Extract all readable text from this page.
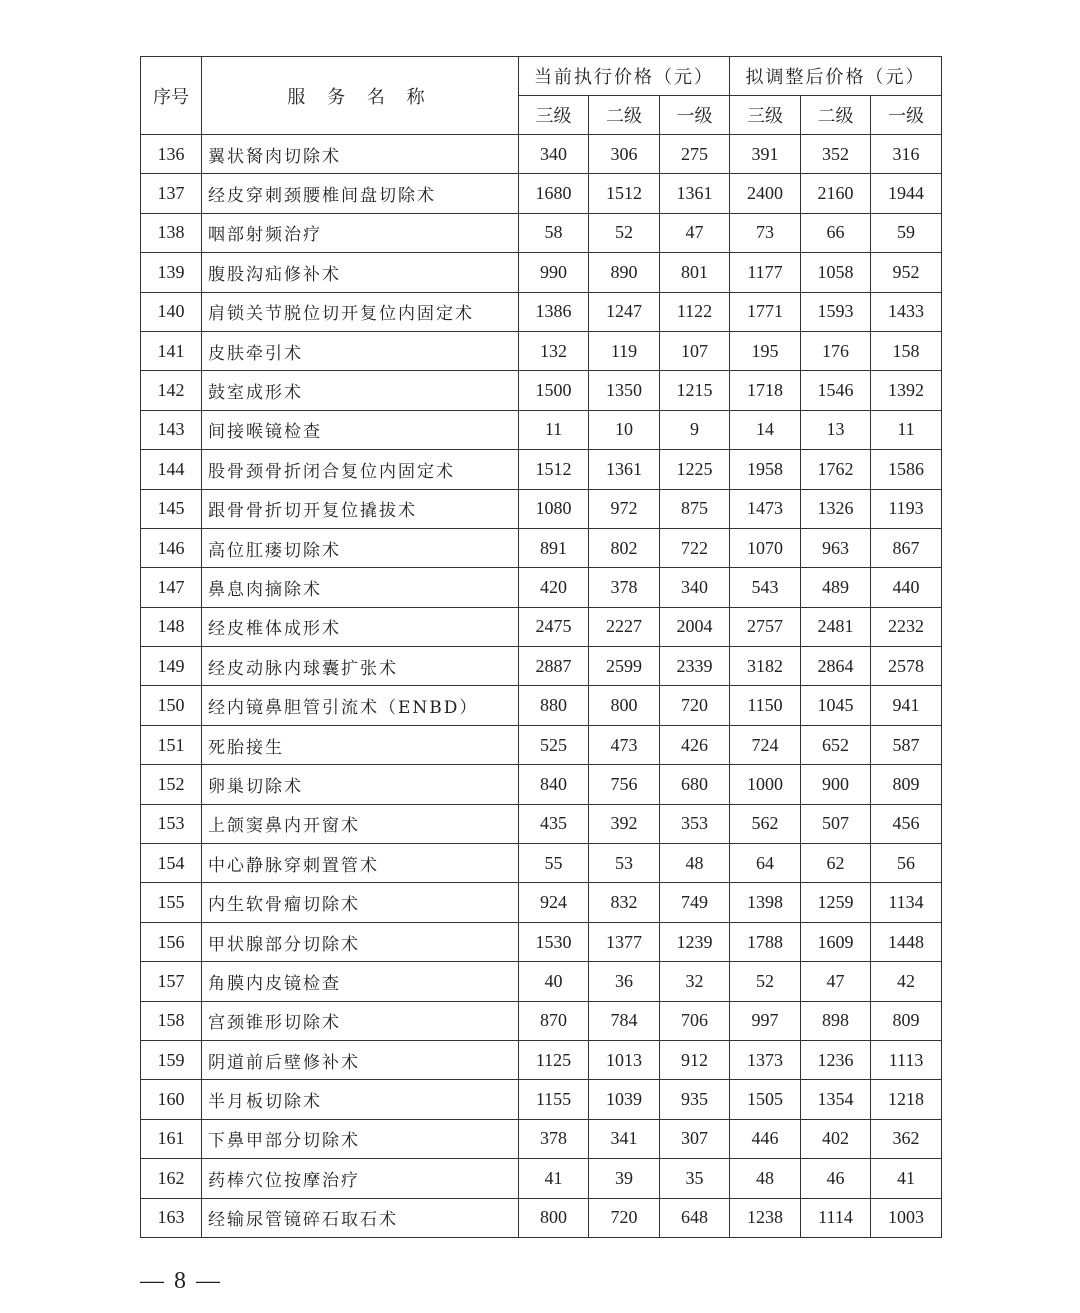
序号	服 务 名 称	当前执行价格（元）			拟调整后价格（元）		
		三级	二级	一级	三级	二级	一级
136	翼状胬肉切除术	340	306	275	391	352	316
137	经皮穿刺颈腰椎间盘切除术	1680	1512	1361	2400	2160	1944
138	咽部射频治疗	58	52	47	73	66	59
139	腹股沟疝修补术	990	890	801	1177	1058	952
140	肩锁关节脱位切开复位内固定术	1386	1247	1122	1771	1593	1433
141	皮肤牵引术	132	119	107	195	176	158
142	鼓室成形术	1500	1350	1215	1718	1546	1392
143	间接喉镜检查	11	10	9	14	13	11
144	股骨颈骨折闭合复位内固定术	1512	1361	1225	1958	1762	1586
145	跟骨骨折切开复位撬拔术	1080	972	875	1473	1326	1193
146	高位肛瘘切除术	891	802	722	1070	963	867
147	鼻息肉摘除术	420	378	340	543	489	440
148	经皮椎体成形术	2475	2227	2004	2757	2481	2232
149	经皮动脉内球囊扩张术	2887	2599	2339	3182	2864	2578
150	经内镜鼻胆管引流术（ENBD）	880	800	720	1150	1045	941
151	死胎接生	525	473	426	724	652	587
152	卵巢切除术	840	756	680	1000	900	809
153	上颌窦鼻内开窗术	435	392	353	562	507	456
154	中心静脉穿刺置管术	55	53	48	64	62	56
155	内生软骨瘤切除术	924	832	749	1398	1259	1134
156	甲状腺部分切除术	1530	1377	1239	1788	1609	1448
157	角膜内皮镜检查	40	36	32	52	47	42
158	宫颈锥形切除术	870	784	706	997	898	809
159	阴道前后壁修补术	1125	1013	912	1373	1236	1113
160	半月板切除术	1155	1039	935	1505	1354	1218
161	下鼻甲部分切除术	378	341	307	446	402	362
162	药棒穴位按摩治疗	41	39	35	48	46	41
163	经输尿管镜碎石取石术	800	720	648	1238	1114	1003
— 8 —
